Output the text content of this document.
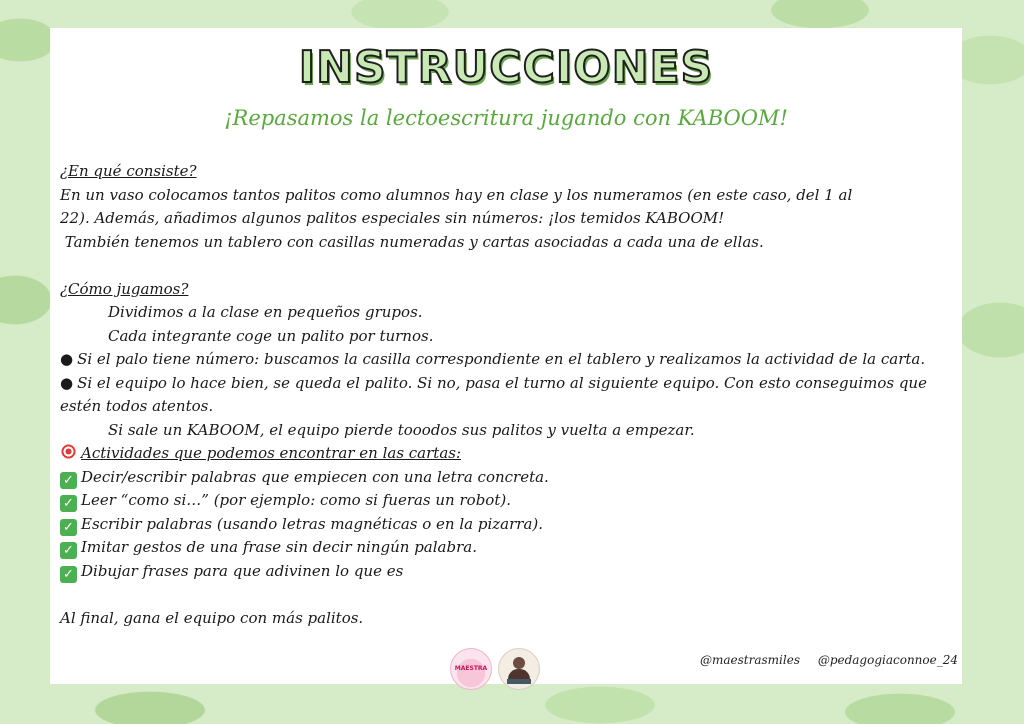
INSTRUCCIONES
¡Repasamos la lectoescritura jugando con KABOOM!
¿En qué consiste?
En un vaso colocamos tantos palitos como alumnos hay en clase y los numeramos (en este caso, del 1 al
22). Además, añadimos algunos palitos especiales sin números: ¡los temidos KABOOM!
También tenemos un tablero con casillas numeradas y cartas asociadas a cada una de ellas.
¿Cómo jugamos?
Dividimos a la clase en pequeños grupos.
Cada integrante coge un palito por turnos.
● Si el palo tiene número: buscamos la casilla correspondiente en el tablero y realizamos la actividad de la carta.
● Si el equipo lo hace bien, se queda el palito. Si no, pasa el turno al siguiente equipo. Con esto conseguimos que estén todos atentos.
Si sale un KABOOM, el equipo pierde tooodos sus palitos y vuelta a empezar.
Actividades que podemos encontrar en las cartas:
✓ Decir/escribir palabras que empiecen con una letra concreta.
✓ Leer “como si…” (por ejemplo: como si fueras un robot).
✓ Escribir palabras (usando letras magnéticas o en la pizarra).
✓ Imitar gestos de una frase sin decir ningún palabra.
✓ Dibujar frases para que adivinen lo que es
Al final, gana el equipo con más palitos.
MAESTRA
@maestrasmiles @pedagogiaconnoe_24
